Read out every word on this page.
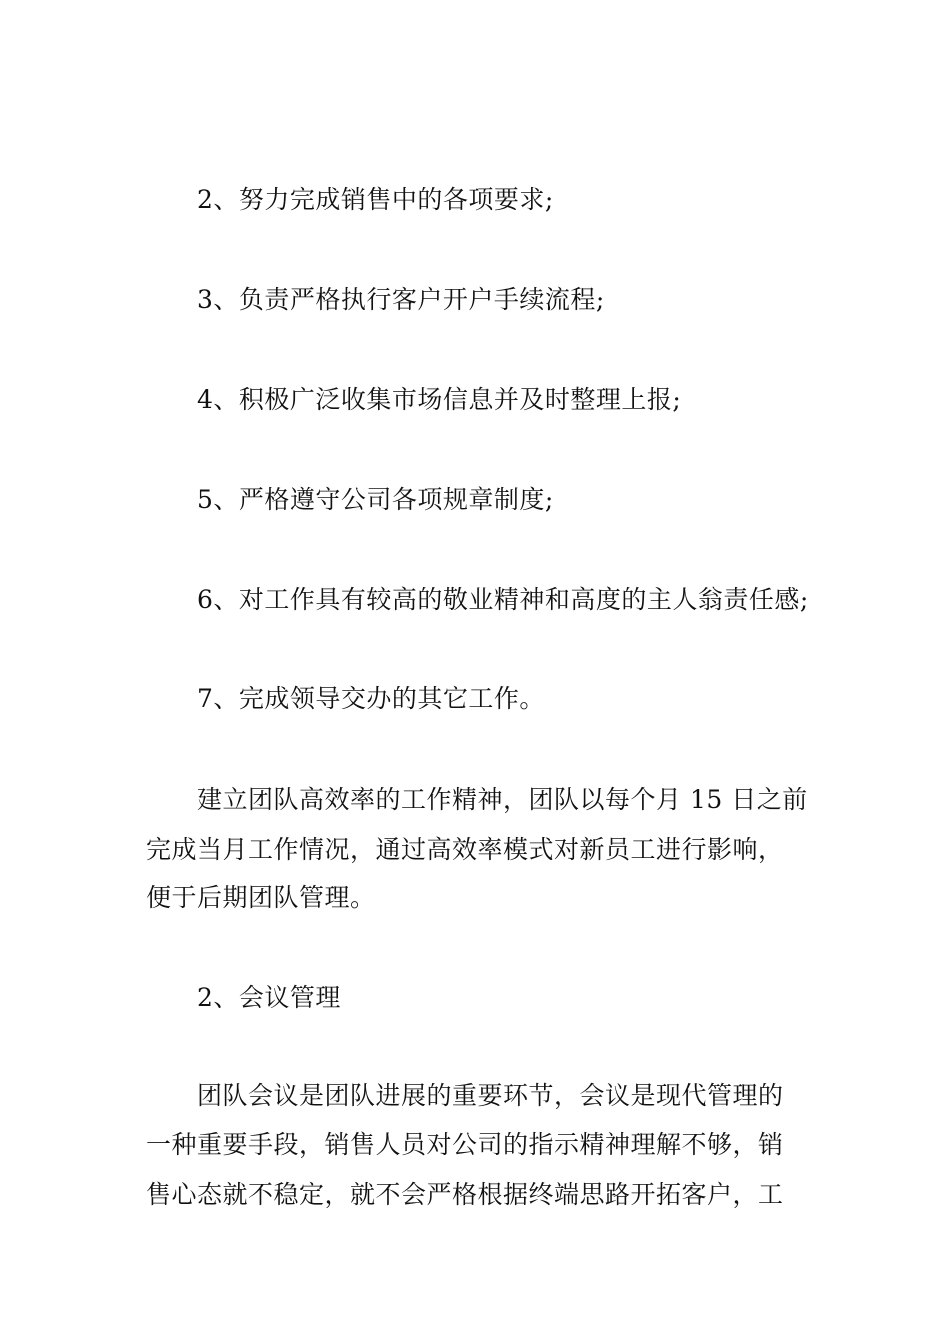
2、努力完成销售中的各项要求;
3、负责严格执行客户开户手续流程;
4、积极广泛收集市场信息并及时整理上报;
5、严格遵守公司各项规章制度;
6、对工作具有较高的敬业精神和高度的主人翁责任感;
7、完成领导交办的其它工作。
建立团队高效率的工作精神，团队以每个月 15 日之前
完成当月工作情况，通过高效率模式对新员工进行影响，
便于后期团队管理。
2、会议管理
团队会议是团队进展的重要环节，会议是现代管理的
一种重要手段，销售人员对公司的指示精神理解不够，销
售心态就不稳定，就不会严格根据终端思路开拓客户，工
